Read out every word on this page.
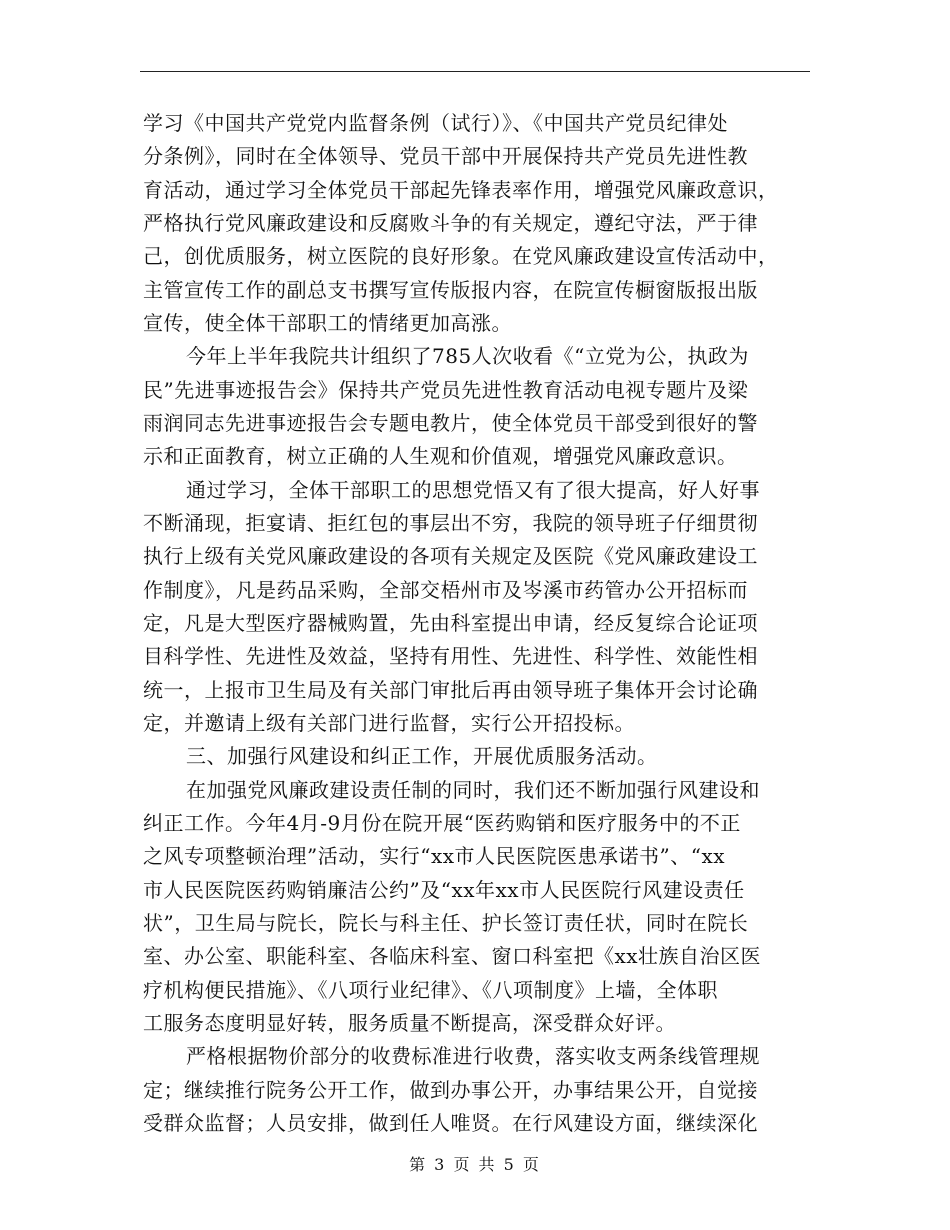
学习《中国共产党党内监督条例（试行）》、《中国共产党员纪律处
分条例》，同时在全体领导、党员干部中开展保持共产党员先进性教
育活动，通过学习全体党员干部起先锋表率作用，增强党风廉政意识，
严格执行党风廉政建设和反腐败斗争的有关规定，遵纪守法，严于律
己，创优质服务，树立医院的良好形象。在党风廉政建设宣传活动中，
主管宣传工作的副总支书撰写宣传版报内容，在院宣传橱窗版报出版
宣传，使全体干部职工的情绪更加高涨。
今年上半年我院共计组织了785人次收看《“立党为公，执政为
民”先进事迹报告会》保持共产党员先进性教育活动电视专题片及梁
雨润同志先进事迹报告会专题电教片，使全体党员干部受到很好的警
示和正面教育，树立正确的人生观和价值观，增强党风廉政意识。
通过学习，全体干部职工的思想党悟又有了很大提高，好人好事
不断涌现，拒宴请、拒红包的事层出不穷，我院的领导班子仔细贯彻
执行上级有关党风廉政建设的各项有关规定及医院《党风廉政建设工
作制度》，凡是药品采购，全部交梧州市及岑溪市药管办公开招标而
定，凡是大型医疗器械购置，先由科室提出申请，经反复综合论证项
目科学性、先进性及效益，坚持有用性、先进性、科学性、效能性相
统一，上报市卫生局及有关部门审批后再由领导班子集体开会讨论确
定，并邀请上级有关部门进行监督，实行公开招投标。
三、加强行风建设和纠正工作，开展优质服务活动。
在加强党风廉政建设责任制的同时，我们还不断加强行风建设和
纠正工作。今年4月-9月份在院开展“医药购销和医疗服务中的不正
之风专项整顿治理”活动，实行“xx市人民医院医患承诺书”、“xx
市人民医院医药购销廉洁公约”及“xx年xx市人民医院行风建设责任
状”，卫生局与院长，院长与科主任、护长签订责任状，同时在院长
室、办公室、职能科室、各临床科室、窗口科室把《xx壮族自治区医
疗机构便民措施》、《八项行业纪律》、《八项制度》上墙，全体职
工服务态度明显好转，服务质量不断提高，深受群众好评。
严格根据物价部分的收费标准进行收费，落实收支两条线管理规
定；继续推行院务公开工作，做到办事公开，办事结果公开，自觉接
受群众监督；人员安排，做到任人唯贤。在行风建设方面，继续深化
第 3 页 共 5 页
